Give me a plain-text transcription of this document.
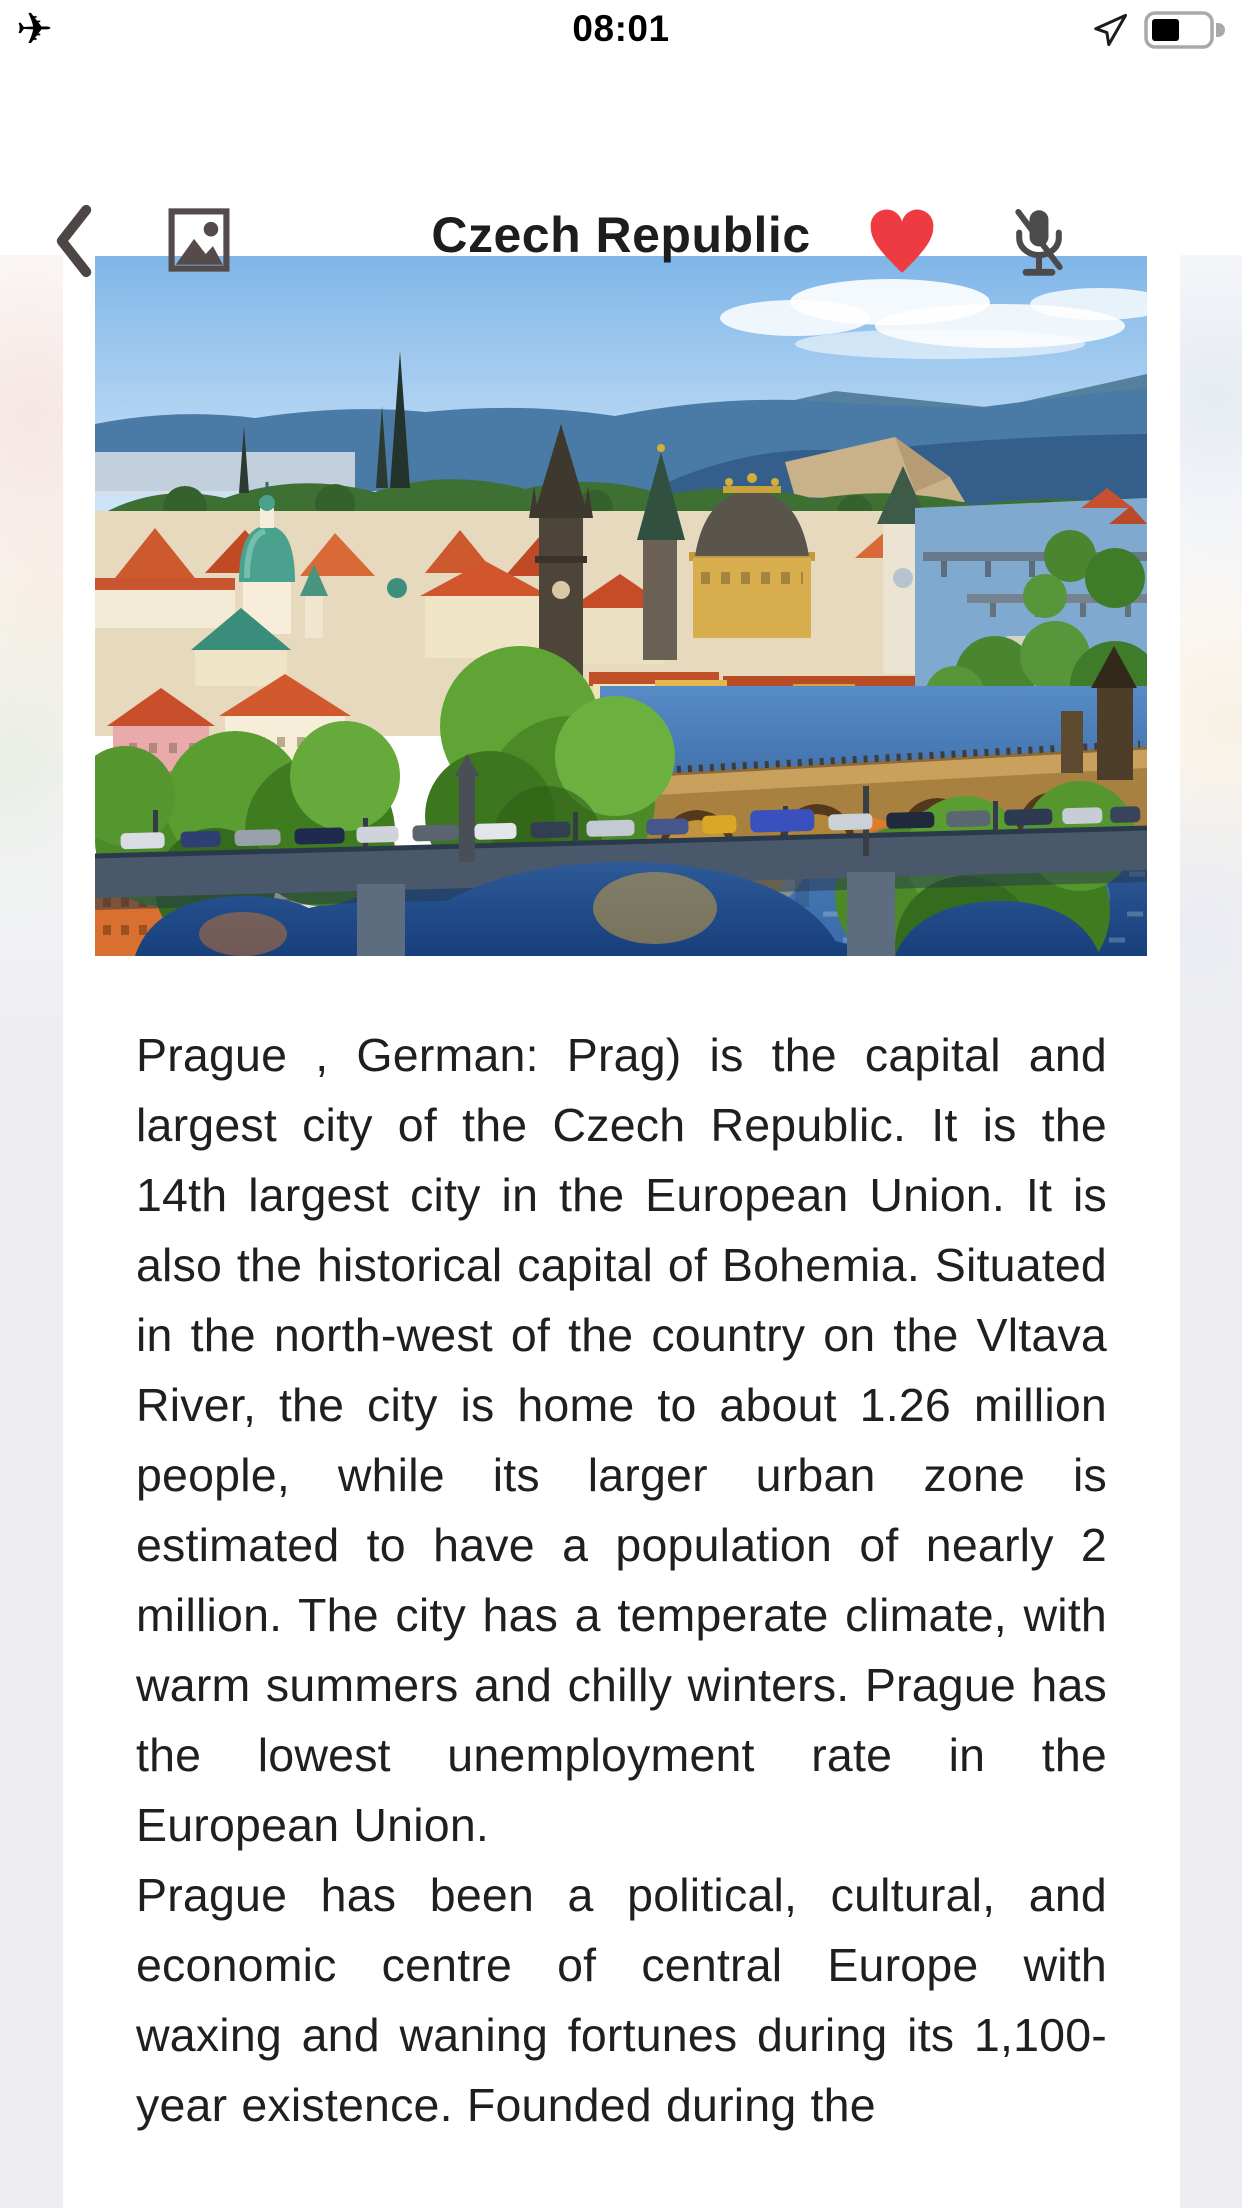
✈	08:01
Czech Republic

Prague , German: Prag) is the capital and largest city of the Czech Republic. It is the 14th largest city in the European Union. It is also the historical capital of Bohemia. Situated in the north-west of the country on the Vltava River, the city is home to about 1.26 million people, while its larger urban zone is estimated to have a population of nearly 2 million. The city has a temperate climate, with warm summers and chilly winters. Prague has the lowest unemployment rate in the European Union.

Prague has been a political, cultural, and economic centre of central Europe with waxing and waning fortunes during its 1,100-year existence. Founded during the
